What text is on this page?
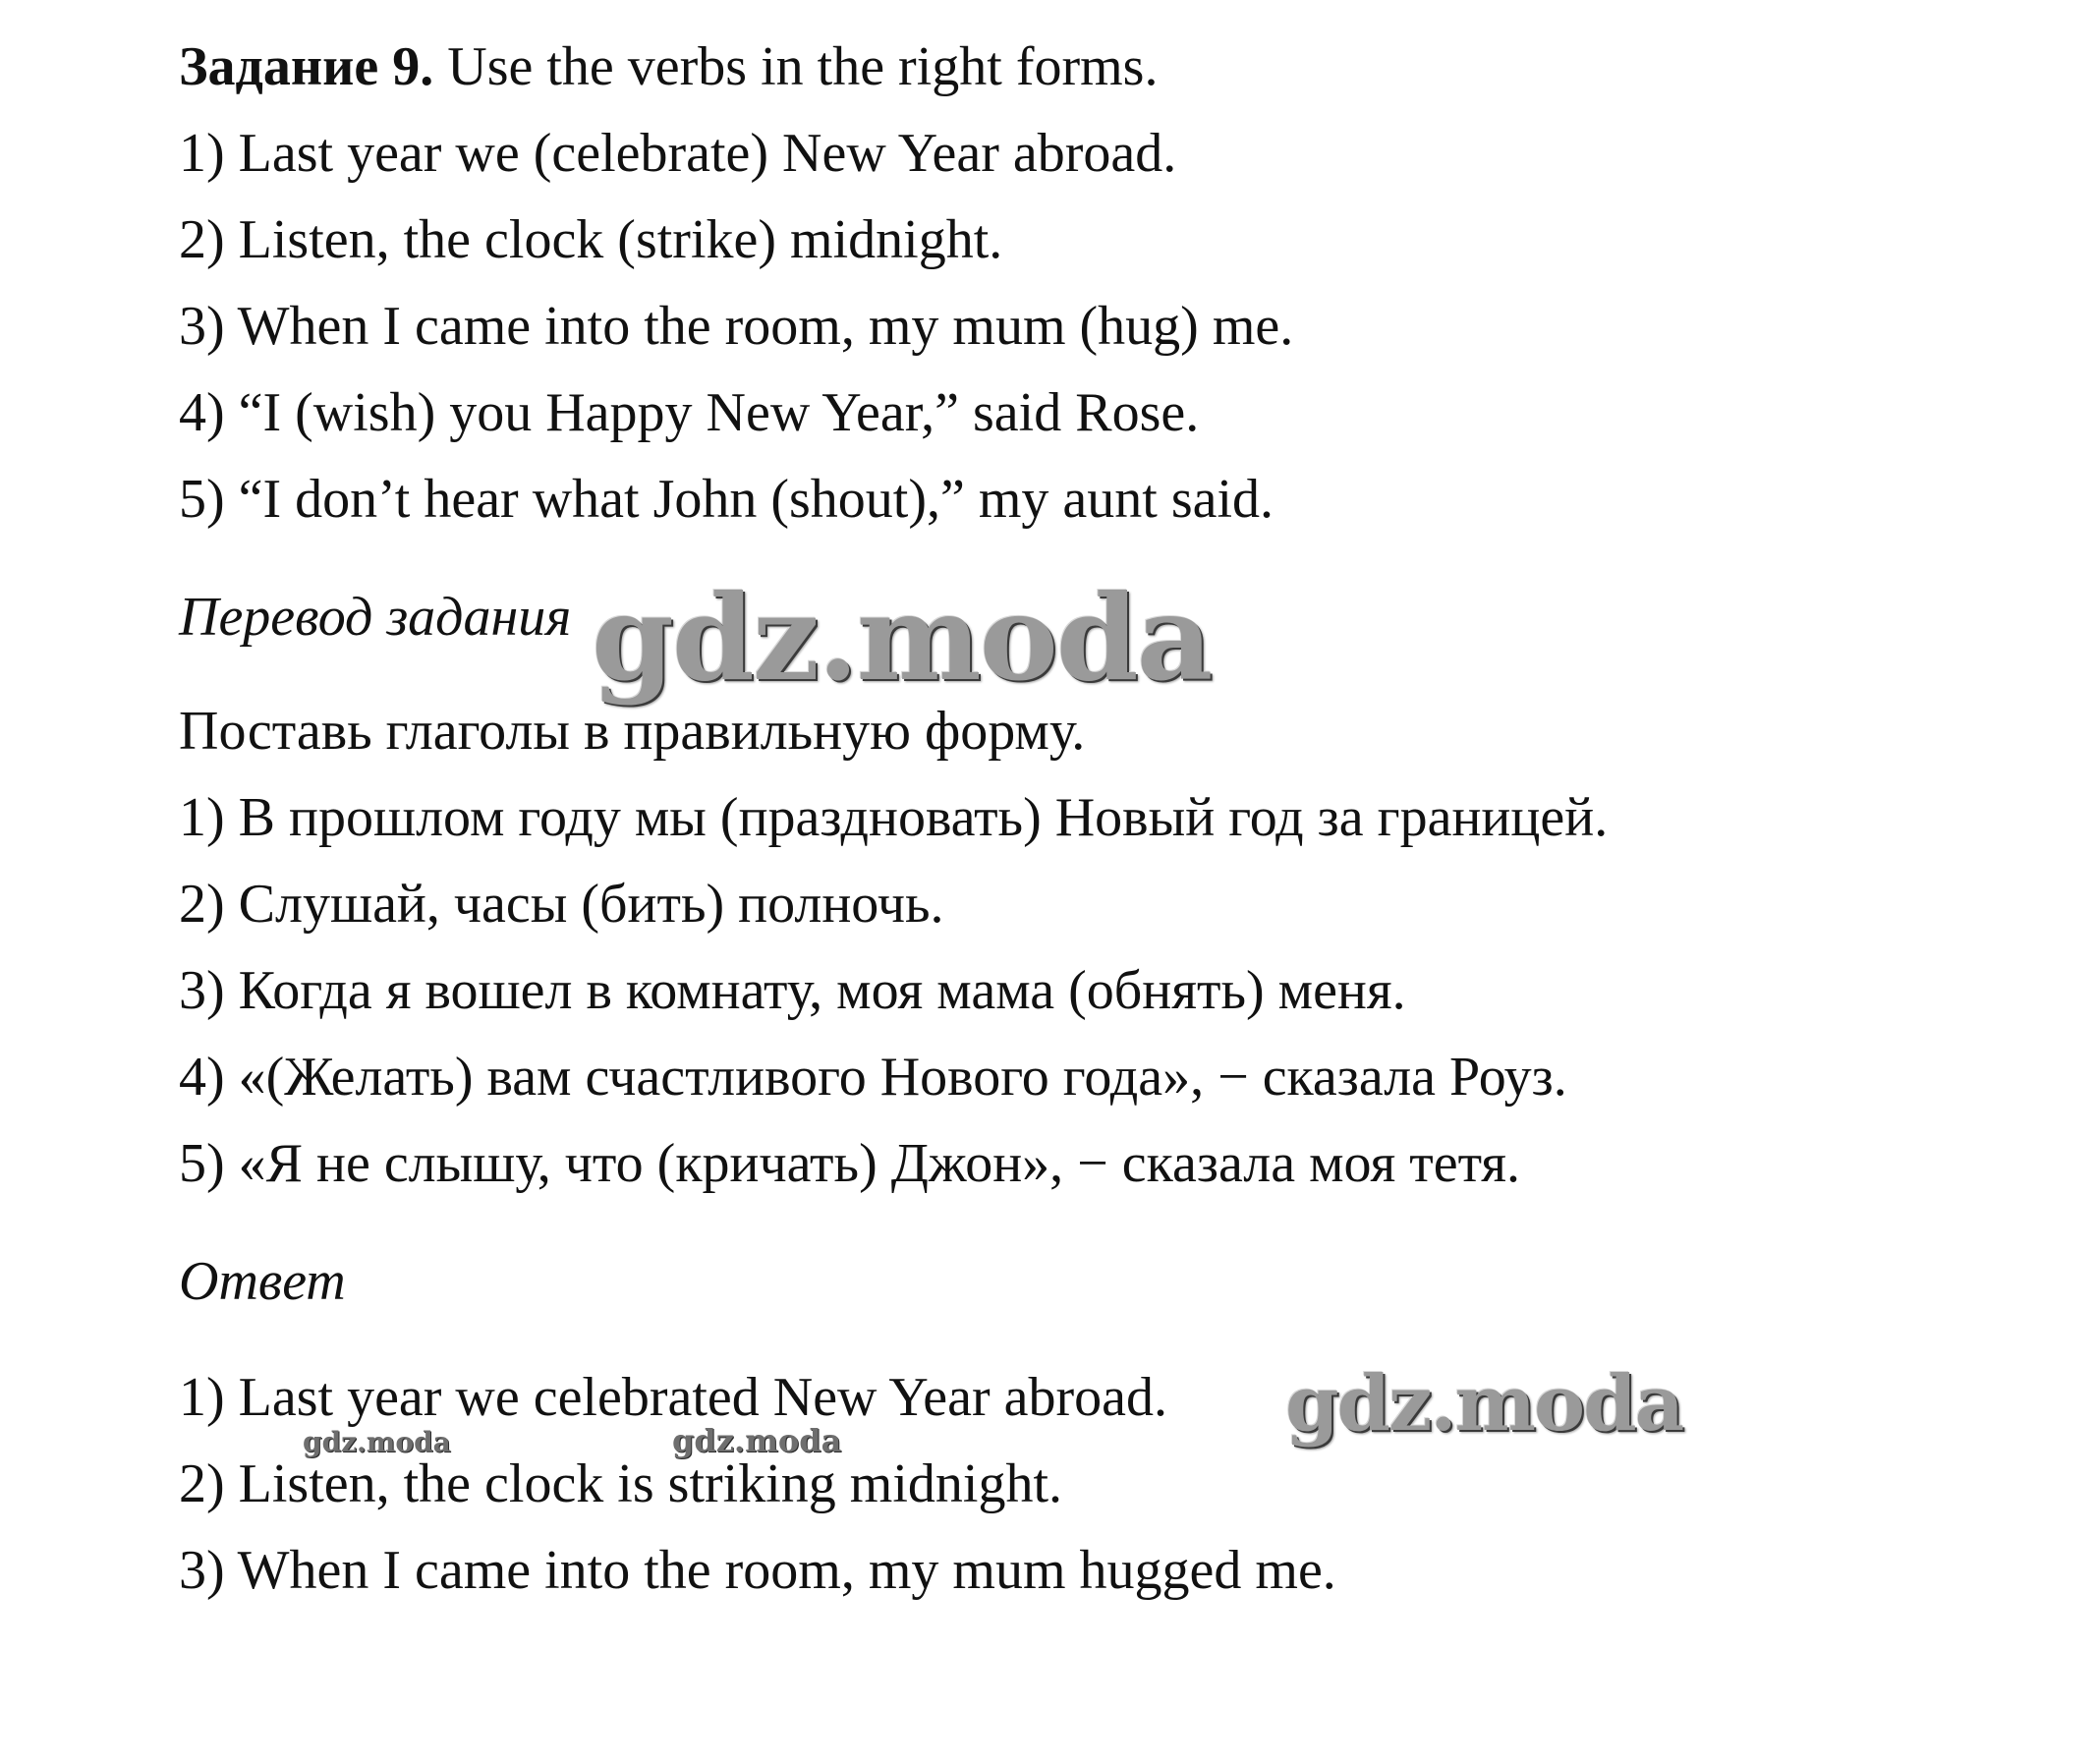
Задание 9. Use the verbs in the right forms.
1) Last year we (celebrate) New Year abroad.
2) Listen, the clock (strike) midnight.
3) When I came into the room, my mum (hug) me.
4) “I (wish) you Happy New Year,” said Rose.
5) “I don’t hear what John (shout),” my aunt said.
Перевод задания
Поставь глаголы в правильную форму.
1) В прошлом году мы (праздновать) Новый год за границей.
2) Слушай, часы (бить) полночь.
3) Когда я вошел в комнату, моя мама (обнять) меня.
4) «(Желать) вам счастливого Нового года», − сказала Роуз.
5) «Я не слышу, что (кричать) Джон», − сказала моя тетя.
Ответ
1) Last year we celebrated New Year abroad.
2) Listen, the clock is striking midnight.
3) When I came into the room, my mum hugged me.
gdz.moda
gdz.moda
gdz.moda	gdz.moda
